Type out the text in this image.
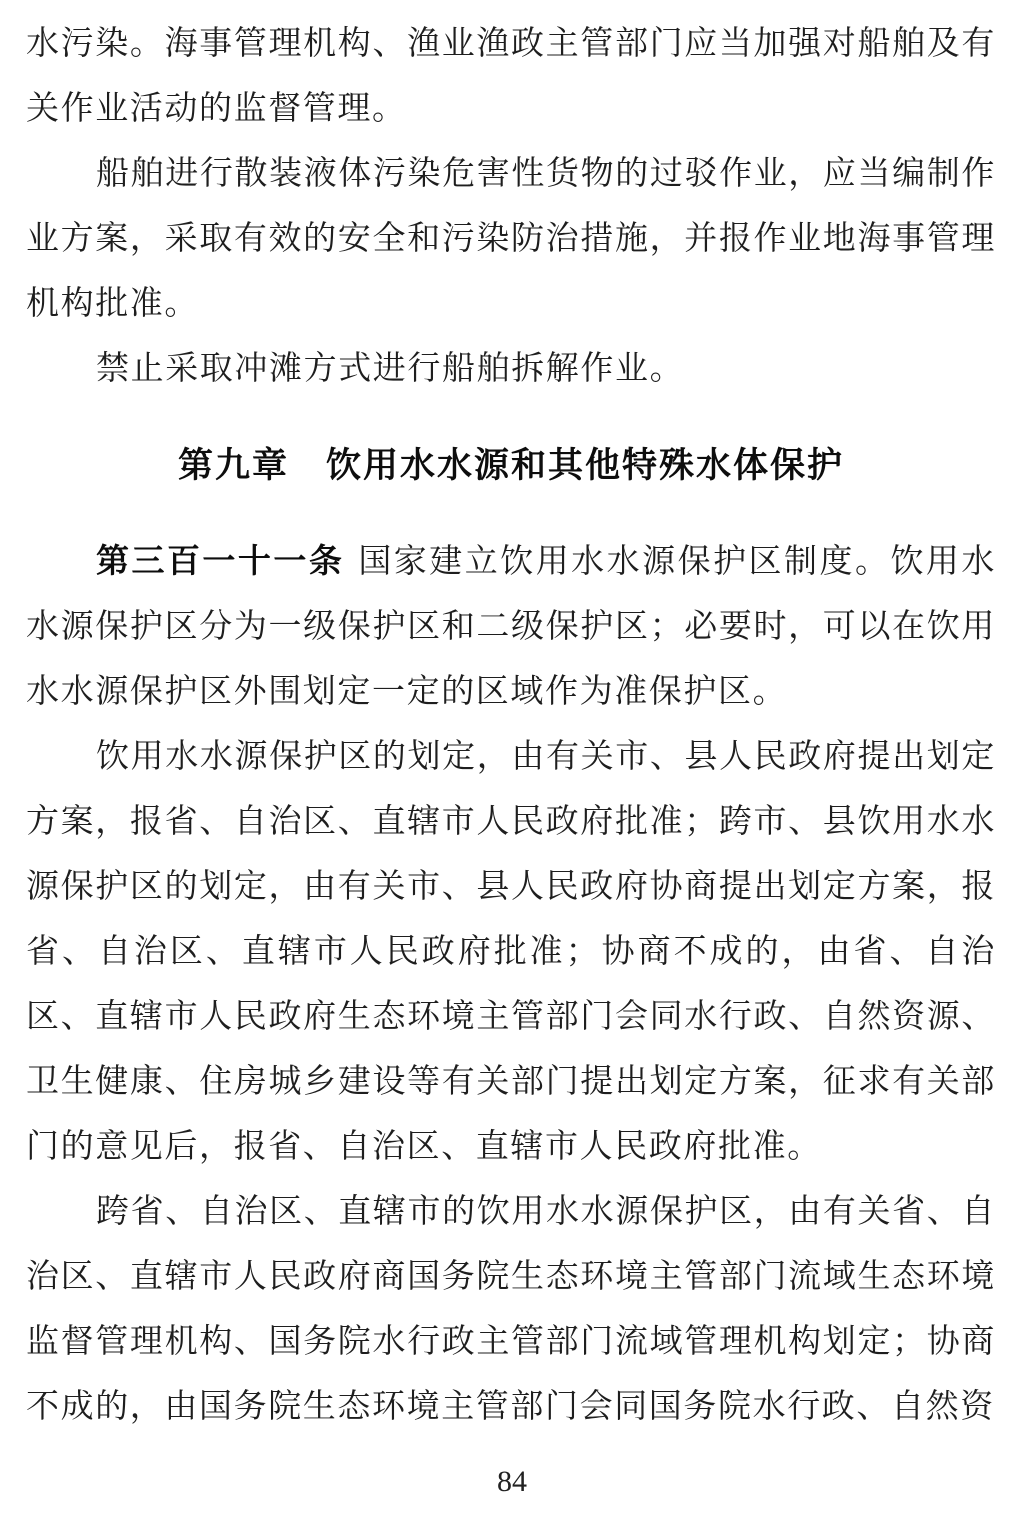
水污染。海事管理机构、渔业渔政主管部门应当加强对船舶及有关作业活动的监督管理。

船舶进行散装液体污染危害性货物的过驳作业，应当编制作业方案，采取有效的安全和污染防治措施，并报作业地海事管理机构批准。

禁止采取冲滩方式进行船舶拆解作业。

第九章　饮用水水源和其他特殊水体保护

第三百一十一条 国家建立饮用水水源保护区制度。饮用水水源保护区分为一级保护区和二级保护区；必要时，可以在饮用水水源保护区外围划定一定的区域作为准保护区。

饮用水水源保护区的划定，由有关市、县人民政府提出划定方案，报省、自治区、直辖市人民政府批准；跨市、县饮用水水源保护区的划定，由有关市、县人民政府协商提出划定方案，报省、自治区、直辖市人民政府批准；协商不成的，由省、自治区、直辖市人民政府生态环境主管部门会同水行政、自然资源、卫生健康、住房城乡建设等有关部门提出划定方案，征求有关部门的意见后，报省、自治区、直辖市人民政府批准。

跨省、自治区、直辖市的饮用水水源保护区，由有关省、自治区、直辖市人民政府商国务院生态环境主管部门流域生态环境监督管理机构、国务院水行政主管部门流域管理机构划定；协商不成的，由国务院生态环境主管部门会同国务院水行政、自然资

84
